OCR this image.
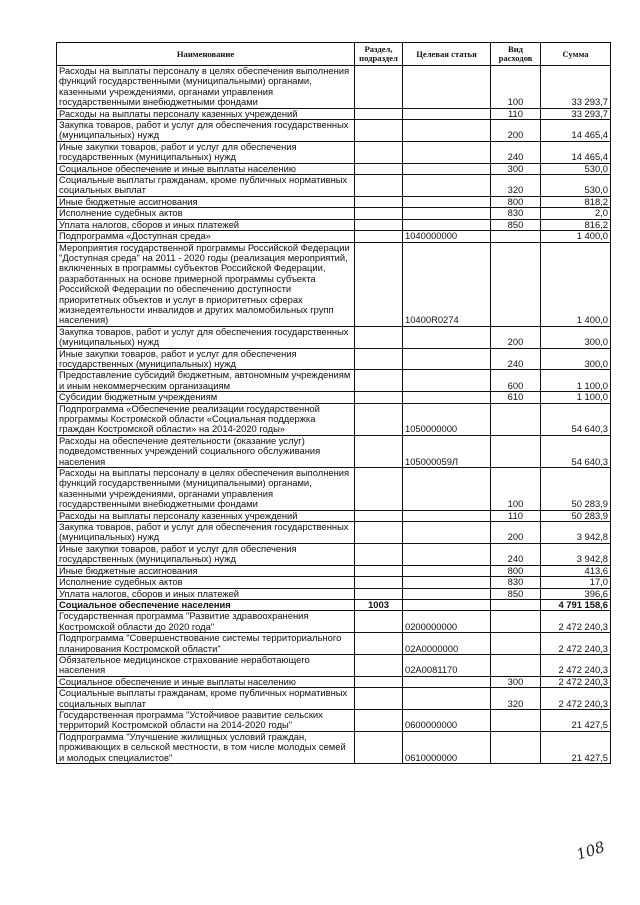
Наименование	Раздел, подраздел	Целевая статья	Вид расходов	Сумма
Расходы на выплаты персоналу в целях обеспечения выполнения функций государственными (муниципальными) органами, казенными учреждениями, органами управления государственными внебюджетными фондами			100	33 293,7
Расходы на выплаты персоналу казенных учреждений			110	33 293,7
Закупка товаров, работ и услуг для обеспечения государственных (муниципальных) нужд			200	14 465,4
Иные закупки товаров, работ и услуг для обеспечения государственных (муниципальных) нужд			240	14 465,4
Социальное обеспечение и иные выплаты населению			300	530,0
Социальные выплаты гражданам, кроме публичных нормативных социальных выплат			320	530,0
Иные бюджетные ассигнования			800	818,2
Исполнение судебных актов			830	2,0
Уплата налогов, сборов и иных платежей			850	816,2
Подпрограмма «Доступная среда»		1040000000		1 400,0
Мероприятия государственной программы Российской Федерации "Доступная среда" на 2011 - 2020 годы (реализация мероприятий, включенных в программы субъектов Российской Федерации, разработанных на основе примерной программы субъекта Российской Федерации по обеспечению доступности приоритетных объектов и услуг в приоритетных сферах жизнедеятельности инвалидов и других маломобильных групп населения)		10400R0274		1 400,0
Закупка товаров, работ и услуг для обеспечения государственных (муниципальных) нужд			200	300,0
Иные закупки товаров, работ и услуг для обеспечения государственных (муниципальных) нужд			240	300,0
Предоставление субсидий бюджетным, автономным учреждениям и иным некоммерческим организациям			600	1 100,0
Субсидии бюджетным учреждениям			610	1 100,0
Подпрограмма «Обеспечение реализации государственной программы Костромской области «Социальная поддержка граждан Костромской области» на 2014-2020 годы»		1050000000		54 640,3
Расходы на обеспечение деятельности (оказание услуг) подведомственных учреждений социального обслуживания населения		105000059Л		54 640,3
Расходы на выплаты персоналу в целях обеспечения выполнения функций государственными (муниципальными) органами, казенными учреждениями, органами управления государственными внебюджетными фондами			100	50 283,9
Расходы на выплаты персоналу казенных учреждений			110	50 283,9
Закупка товаров, работ и услуг для обеспечения государственных (муниципальных) нужд			200	3 942,8
Иные закупки товаров, работ и услуг для обеспечения государственных (муниципальных) нужд			240	3 942,8
Иные бюджетные ассигнования			800	413,6
Исполнение судебных актов			830	17,0
Уплата налогов, сборов и иных платежей			850	396,6
Социальное обеспечение населения	1003			4 791 158,6
Государственная программа "Развитие здравоохранения Костромской области до 2020 года"		0200000000		2 472 240,3
Подпрограмма "Совершенствование системы территориального планирования Костромской области"		02А0000000		2 472 240,3
Обязательное медицинское страхование неработающего населения		02А0081170		2 472 240,3
Социальное обеспечение и иные выплаты населению			300	2 472 240,3
Социальные выплаты гражданам, кроме публичных нормативных социальных выплат			320	2 472 240,3
Государственная программа "Устойчивое развитие сельских территорий Костромской области на 2014-2020 годы"		0600000000		21 427,5
Подпрограмма "Улучшение жилищных условий граждан, проживающих в сельской местности, в том числе молодых семей и молодых специалистов"		0610000000		21 427,5
108
